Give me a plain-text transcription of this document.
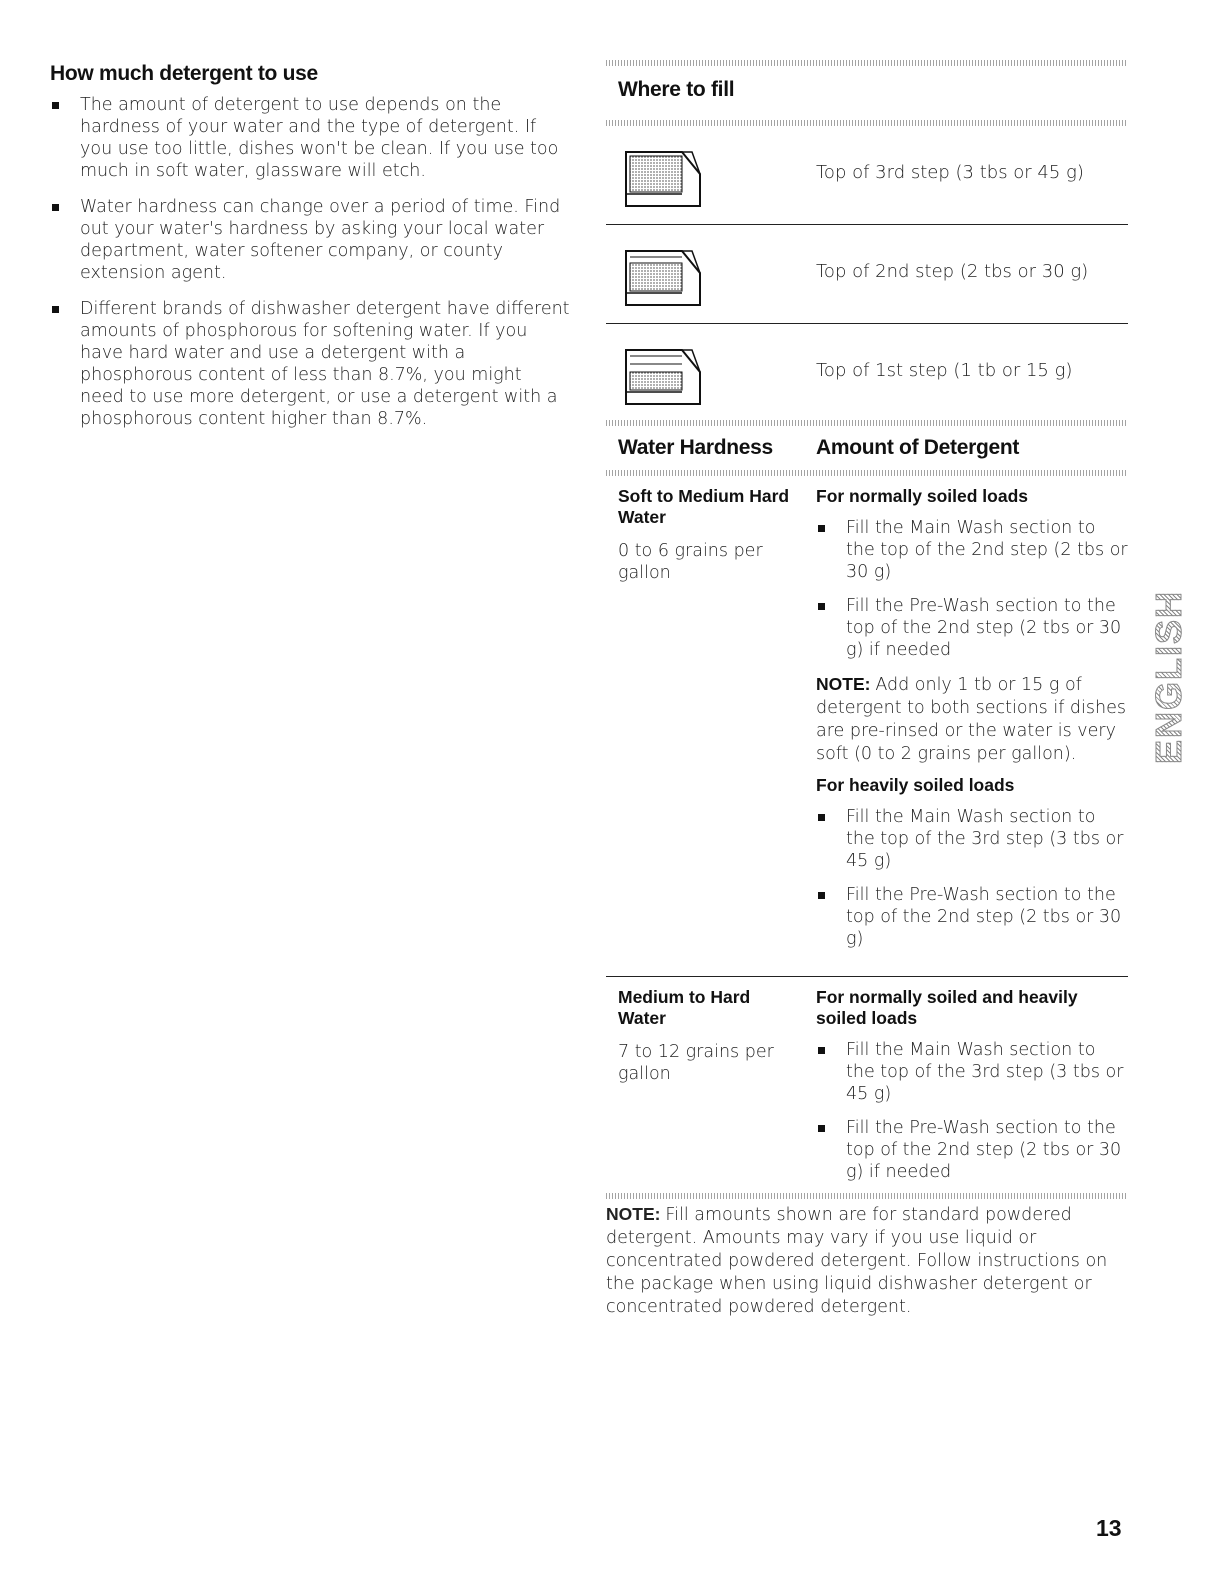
How much detergent to use
The amount of detergent to use depends on the hardness of your water and the type of detergent. If you use too little, dishes won't be clean. If you use too much in soft water, glassware will etch.
Water hardness can change over a period of time. Find out your water's hardness by asking your local water department, water softener company, or county extension agent.
Different brands of dishwasher detergent have different amounts of phosphorous for softening water. If you have hard water and use a detergent with a phosphorous content of less than 8.7%, you might need to use more detergent, or use a detergent with a phosphorous content higher than 8.7%.
Where to fill
Top of 3rd step (3 tbs or 45 g)
Top of 2nd step (2 tbs or 30 g)
Top of 1st step (1 tb or 15 g)
Water Hardness Amount of Detergent
Soft to Medium Hard Water
0 to 6 grains per gallon
For normally soiled loads
Fill the Main Wash section to the top of the 2nd step (2 tbs or 30 g)
Fill the Pre-Wash section to the top of the 2nd step (2 tbs or 30 g) if needed
NOTE: Add only 1 tb or 15 g of detergent to both sections if dishes are pre-rinsed or the water is very soft (0 to 2 grains per gallon).
For heavily soiled loads
Fill the Main Wash section to the top of the 3rd step (3 tbs or 45 g)
Fill the Pre-Wash section to the top of the 2nd step (2 tbs or 30 g)
Medium to Hard Water
7 to 12 grains per gallon
For normally soiled and heavily soiled loads
Fill the Main Wash section to the top of the 3rd step (3 tbs or 45 g)
Fill the Pre-Wash section to the top of the 2nd step (2 tbs or 30 g) if needed
NOTE: Fill amounts shown are for standard powdered detergent. Amounts may vary if you use liquid or concentrated powdered detergent. Follow instructions on the package when using liquid dishwasher detergent or concentrated powdered detergent.
ENGLISH
13
